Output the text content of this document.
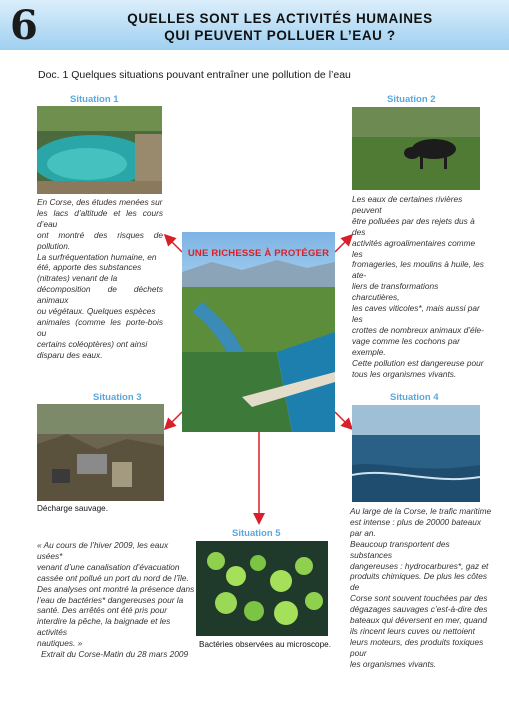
6	QUELLES SONT LES ACTIVITÉS HUMAINES
QUI PEUVENT POLLUER L’EAU ?
Doc. 1 Quelques situations pouvant entraîner une pollution de l’eau
Situation 1
En Corse, des études menées sur
les lacs d’altitude et les cours d’eau
ont montré des risques de pollution.
La surfréquentation humaine, en
été, apporte des substances
(nitrates) venant de la
décomposition de déchets animaux
ou végétaux. Quelques espèces
animales (comme les porte-bois ou
certains coléoptères) ont ainsi
disparu des eaux.
Situation 2
Les eaux de certaines rivières peuvent
être polluées par des rejets dus à des
activités agroalimentaires comme les
fromageries, les moulins à huile, les ate-
liers de transformations charcutières,
les caves viticoles*, mais aussi par les
crottes de nombreux animaux d’éle-
vage comme les cochons par exemple.
Cette pollution est dangereuse pour
tous les organismes vivants.
UNE RICHESSE À PROTÉGER
Situation 3
Décharge sauvage.
Situation 4
Au large de la Corse, le trafic maritime
est intense : plus de 20000 bateaux
par an.
Beaucoup transportent des substances
dangereuses : hydrocarbures*, gaz et
produits chimiques. De plus les côtes de
Corse sont souvent touchées par des
dégazages sauvages c’est-à-dire des
bateaux qui déversent en mer, quand
ils rincent leurs cuves ou nettoient
leurs moteurs, des produits toxiques pour
les organismes vivants.
« Au cours de l’hiver 2009, les eaux usées*
venant d’une canalisation d’évacuation
cassée ont pollué un port du nord de l’île.
Des analyses ont montré la présence dans
l’eau de bactéries* dangereuses pour la
santé. Des arrêtés ont été pris pour
interdire la pêche, la baignade et les activités
nautiques. »
Extrait du Corse-Matin du 28 mars 2009
Situation 5
Bactéries observées au microscope.
